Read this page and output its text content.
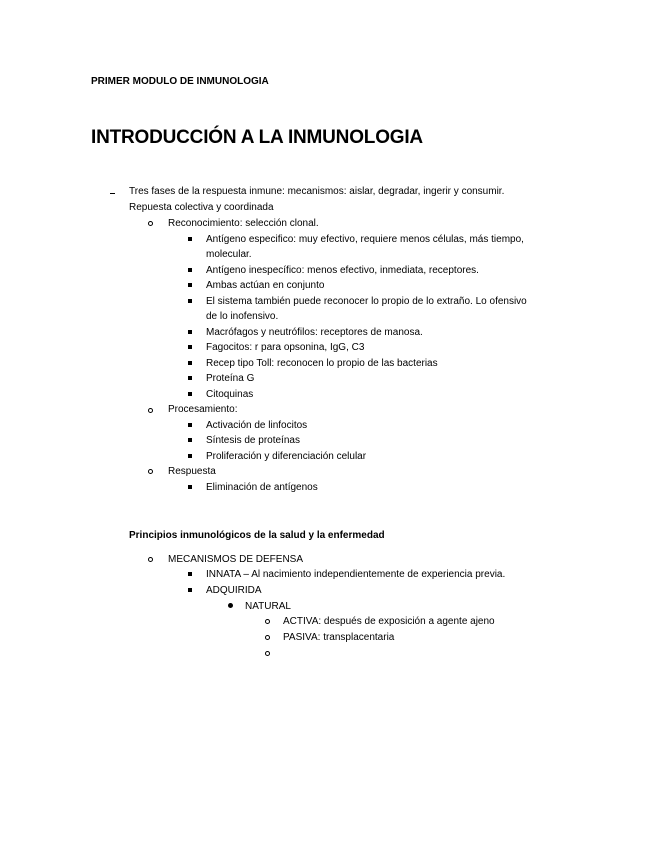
PRIMER MODULO DE INMUNOLOGIA
INTRODUCCIÓN A LA INMUNOLOGIA
Tres fases de la respuesta inmune: mecanismos: aislar, degradar, ingerir y consumir.
Repuesta colectiva y coordinada
Reconocimiento: selección clonal.
Antígeno especifico: muy efectivo, requiere menos células, más tiempo,
molecular.
Antígeno inespecífico: menos efectivo, inmediata, receptores.
Ambas actúan en conjunto
El sistema también puede reconocer lo propio de lo extraño. Lo ofensivo
de lo inofensivo.
Macrófagos y neutrófilos: receptores de manosa.
Fagocitos: r para opsonina, IgG, C3
Recep tipo Toll: reconocen lo propio de las bacterias
Proteína G
Citoquinas
Procesamiento:
Activación de linfocitos
Síntesis de proteínas
Proliferación y diferenciación celular
Respuesta
Eliminación de antígenos
Principios inmunológicos de la salud y la enfermedad
MECANISMOS DE DEFENSA
INNATA – Al nacimiento independientemente de experiencia previa.
ADQUIRIDA
NATURAL
ACTIVA: después de exposición a agente ajeno
PASIVA: transplacentaria
